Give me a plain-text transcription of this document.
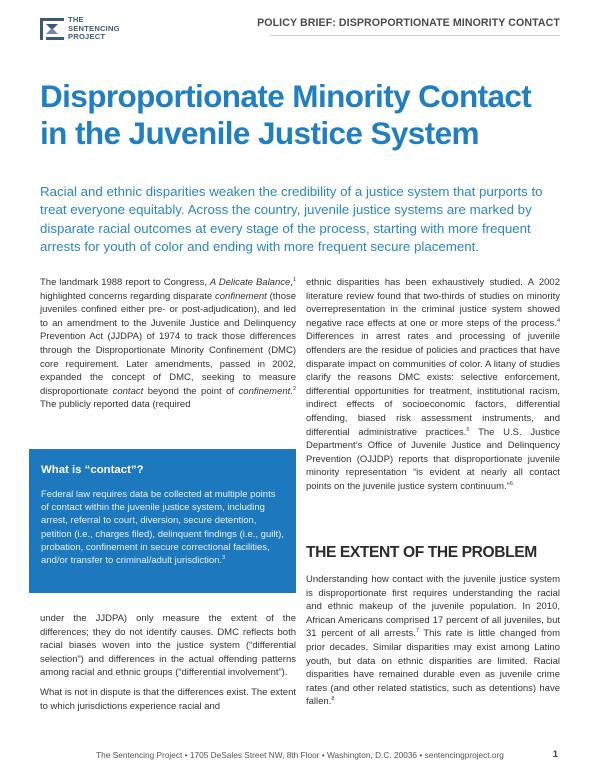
THE
SENTENCING
PROJECT
POLICY BRIEF: DISPROPORTIONATE MINORITY CONTACT
Disproportionate Minority Contact
in the Juvenile Justice System

Racial and ethnic disparities weaken the credibility of a justice system that purports to treat everyone equitably. Across the country, juvenile justice systems are marked by disparate racial outcomes at every stage of the process, starting with more frequent arrests for youth of color and ending with more frequent secure placement.

The landmark 1988 report to Congress, A Delicate Balance,$^1$ highlighted concerns regarding disparate confinement (those juveniles confined either pre- or post-adjudication), and led to an amendment to the Juvenile Justice and Delinquency Prevention Act (JJDPA) of 1974 to track those differences through the Disproportionate Minority Confinement (DMC) core requirement. Later amendments, passed in 2002, expanded the concept of DMC, seeking to measure disproportionate contact beyond the point of confinement.$^2$ The publicly reported data (required

What is “contact”?
Federal law requires data be collected at multiple points of contact within the juvenile justice system, including arrest, referral to court, diversion, secure detention, petition (i.e., charges filed), delinquent findings (i.e., guilt), probation, confinement in secure correctional facilities, and/or transfer to criminal/adult jurisdiction.$^3$

under the JJDPA) only measure the extent of the differences; they do not identify causes. DMC reflects both racial biases woven into the justice system (“differential selection”) and differences in the actual offending patterns among racial and ethnic groups (“differential involvement”).

What is not in dispute is that the differences exist. The extent to which jurisdictions experience racial and

ethnic disparities has been exhaustively studied. A 2002 literature review found that two-thirds of studies on minority overrepresentation in the criminal justice system showed negative race effects at one or more steps of the process.$^4$ Differences in arrest rates and processing of juvenile offenders are the residue of policies and practices that have disparate impact on communities of color. A litany of studies clarify the reasons DMC exists: selective enforcement, differential opportunities for treatment, institutional racism, indirect effects of socioeconomic factors, differential offending, biased risk assessment instruments, and differential administrative practices.$^5$ The U.S. Justice Department’s Office of Juvenile Justice and Delinquency Prevention (OJJDP) reports that disproportionate juvenile minority representation “is evident at nearly all contact points on the juvenile justice system continuum.”$^6$

THE EXTENT OF THE PROBLEM

Understanding how contact with the juvenile justice system is disproportionate first requires understanding the racial and ethnic makeup of the juvenile population. In 2010, African Americans comprised 17 percent of all juveniles, but 31 percent of all arrests.$^7$ This rate is little changed from prior decades. Similar disparities may exist among Latino youth, but data on ethnic disparities are limited. Racial disparities have remained durable even as juvenile crime rates (and other related statistics, such as detentions) have fallen.$^8$

The Sentencing Project • 1705 DeSales Street NW, 8th Floor • Washington, D.C. 20036 • sentencingproject.org	1
